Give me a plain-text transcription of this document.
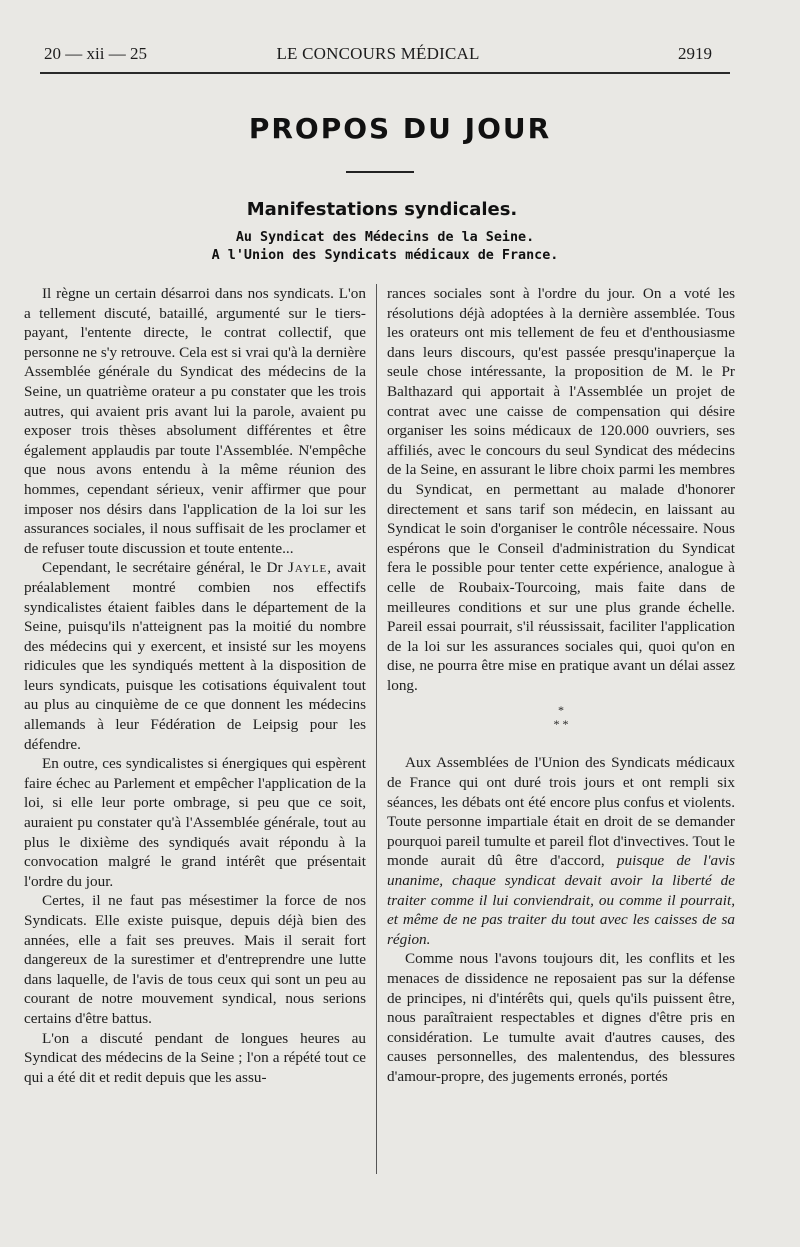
20 — xii — 25	LE CONCOURS MÉDICAL	2919
PROPOS DU JOUR
Manifestations syndicales.
Au Syndicat des Médecins de la Seine.
A l'Union des Syndicats médicaux de France.

Il règne un certain désarroi dans nos syndicats. L'on a tellement discuté, bataillé, argumenté sur le tiers-payant, l'entente directe, le contrat collectif, que personne ne s'y retrouve. Cela est si vrai qu'à la dernière Assemblée générale du Syndicat des médecins de la Seine, un quatrième orateur a pu constater que les trois autres, qui avaient pris avant lui la parole, avaient pu exposer trois thèses absolument différentes et être également applaudis par toute l'Assemblée. N'empêche que nous avons entendu à la même réunion des hommes, cependant sérieux, venir affirmer que pour imposer nos désirs dans l'application de la loi sur les assurances sociales, il nous suffisait de les proclamer et de refuser toute discussion et toute entente...

Cependant, le secrétaire général, le Dr Jayle, avait préalablement montré combien nos effectifs syndicalistes étaient faibles dans le département de la Seine, puisqu'ils n'atteignent pas la moitié du nombre des médecins qui y exercent, et insisté sur les moyens ridicules que les syndiqués mettent à la disposition de leurs syndicats, puisque les cotisations équivalent tout au plus au cinquième de ce que donnent les médecins allemands à leur Fédération de Leipsig pour les défendre.

En outre, ces syndicalistes si énergiques qui espèrent faire échec au Parlement et empêcher l'application de la loi, si elle leur porte ombrage, si peu que ce soit, auraient pu constater qu'à l'Assemblée générale, tout au plus le dixième des syndiqués avait répondu à la convocation malgré le grand intérêt que présentait l'ordre du jour.

Certes, il ne faut pas mésestimer la force de nos Syndicats. Elle existe puisque, depuis déjà bien des années, elle a fait ses preuves. Mais il serait fort dangereux de la surestimer et d'entreprendre une lutte dans laquelle, de l'avis de tous ceux qui sont un peu au courant de notre mouvement syndical, nous serions certains d'être battus.

L'on a discuté pendant de longues heures au Syndicat des médecins de la Seine ; l'on a répété tout ce qui a été dit et redit depuis que les assu-

rances sociales sont à l'ordre du jour. On a voté les résolutions déjà adoptées à la dernière assemblée. Tous les orateurs ont mis tellement de feu et d'enthousiasme dans leurs discours, qu'est passée presqu'inaperçue la seule chose intéressante, la proposition de M. le Pr Balthazard qui apportait à l'Assemblée un projet de contrat avec une caisse de compensation qui désire organiser les soins médicaux de 120.000 ouvriers, ses affiliés, avec le concours du seul Syndicat des médecins de la Seine, en assurant le libre choix parmi les membres du Syndicat, en permettant au malade d'honorer directement et sans tarif son médecin, en laissant au Syndicat le soin d'organiser le contrôle nécessaire. Nous espérons que le Conseil d'administration du Syndicat fera le possible pour tenter cette expérience, analogue à celle de Roubaix-Tourcoing, mais faite dans de meilleures conditions et sur une plus grande échelle. Pareil essai pourrait, s'il réussissait, faciliter l'application de la loi sur les assurances sociales qui, quoi qu'on en dise, ne pourra être mise en pratique avant un délai assez long.

*
* *

Aux Assemblées de l'Union des Syndicats médicaux de France qui ont duré trois jours et ont rempli six séances, les débats ont été encore plus confus et violents. Toute personne impartiale était en droit de se demander pourquoi pareil tumulte et pareil flot d'invectives. Tout le monde aurait dû être d'accord, puisque de l'avis unanime, chaque syndicat devait avoir la liberté de traiter comme il lui conviendrait, ou comme il pourrait, et même de ne pas traiter du tout avec les caisses de sa région.

Comme nous l'avons toujours dit, les conflits et les menaces de dissidence ne reposaient pas sur la défense de principes, ni d'intérêts qui, quels qu'ils puissent être, nous paraîtraient respectables et dignes d'être pris en considération. Le tumulte avait d'autres causes, des causes personnelles, des malentendus, des blessures d'amour-propre, des jugements erronés, portés
